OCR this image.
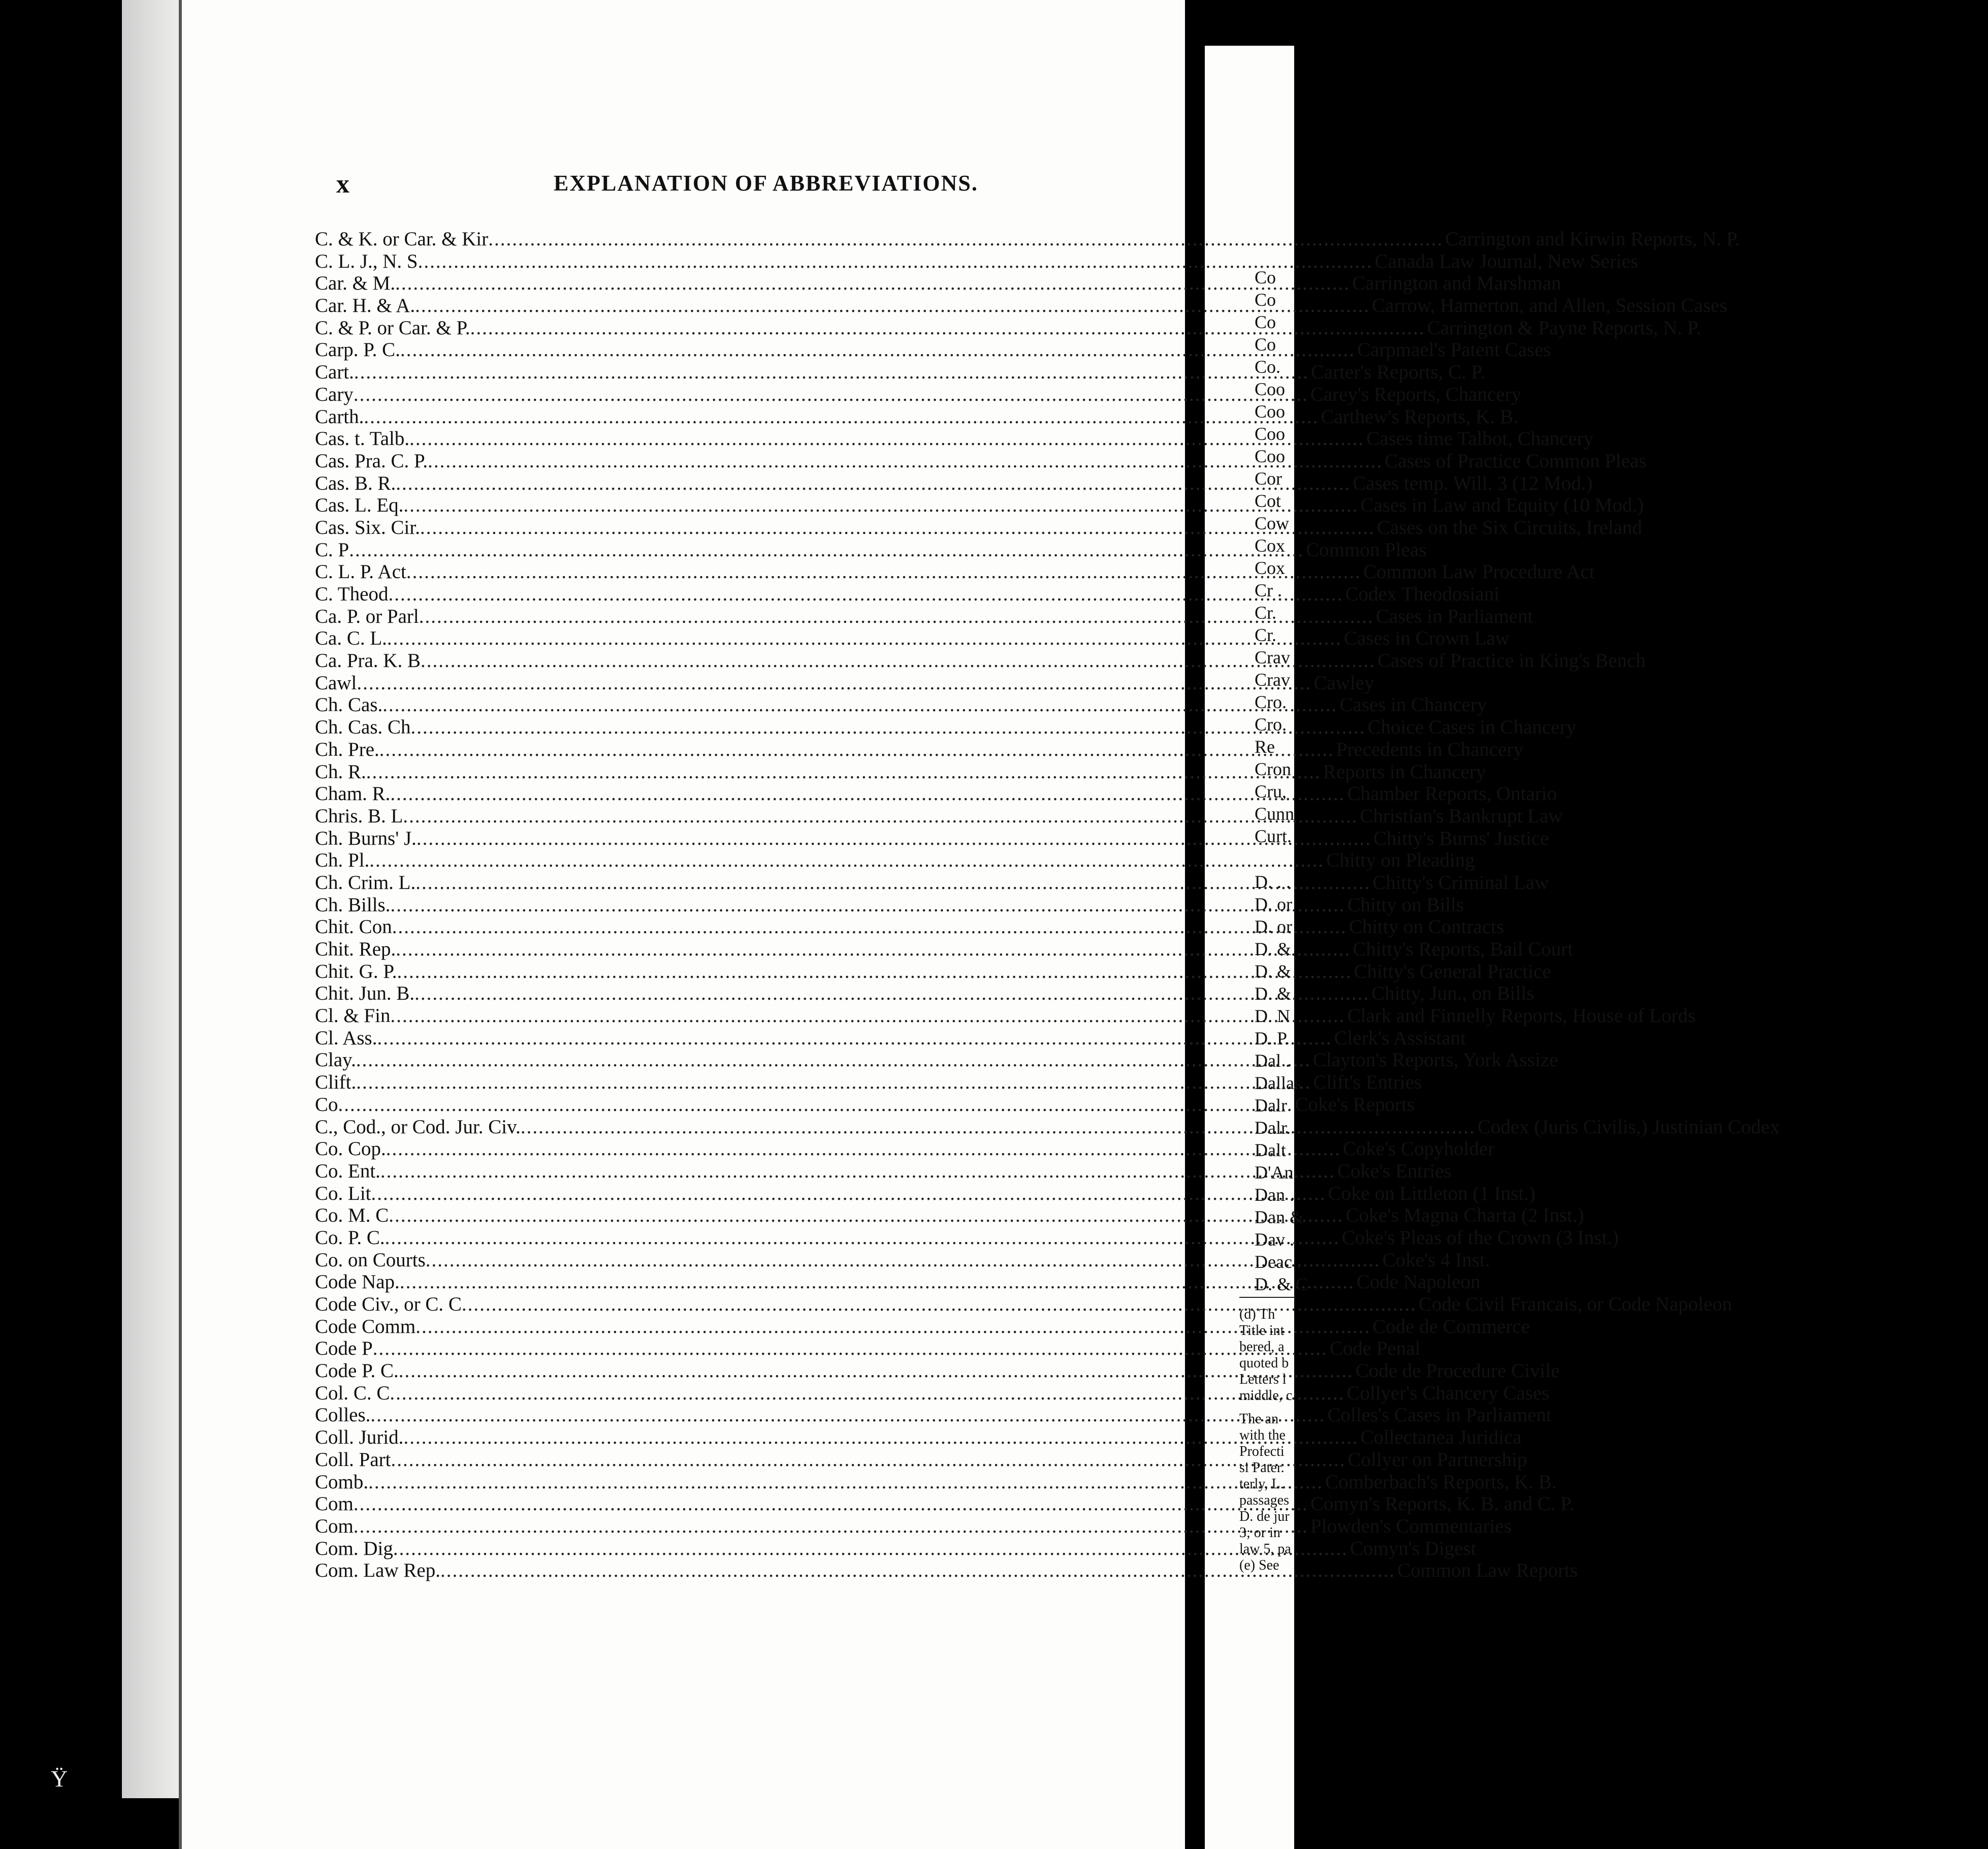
x	EXPLANATION OF ABBREVIATIONS.
C. & K. or Car. & Kir .....	Carrington and Kirwin Reports, N. P.
C. L. J., N. S .....	Canada Law Journal, New Series
Car. & M. .....	Carrington and Marshman
Car. H. & A. .....	Carrow, Hamerton, and Allen, Session Cases
C. & P. or Car. & P. .....	Carrington & Payne Reports, N. P.
Carp. P. C. .....	Carpmael's Patent Cases
Cart. .....	Carter's Reports, C. P.
Cary .....	Carey's Reports, Chancery
Carth. .....	Carthew's Reports, K. B.
Cas. t. Talb. .....	Cases time Talbot, Chancery
Cas. Pra. C. P. .....	Cases of Practice Common Pleas
Cas. B. R. .....	Cases temp. Will. 3 (12 Mod.)
Cas. L. Eq. .....	Cases in Law and Equity (10 Mod.)
Cas. Six. Cir. .....	Cases on the Six Circuits, Ireland
C. P .....	Common Pleas
C. L. P. Act .....	Common Law Procedure Act
C. Theod .....	Codex Theodosiani
Ca. P. or Parl .....	Cases in Parliament
Ca. C. L. .....	Cases in Crown Law
Ca. Pra. K. B .....	Cases of Practice in King's Bench
Cawl .....	Cawley
Ch. Cas. .....	Cases in Chancery
Ch. Cas. Ch .....	Choice Cases in Chancery
Ch. Pre. .....	Precedents in Chancery
Ch. R. .....	Reports in Chancery
Cham. R. .....	Chamber Reports, Ontario
Chris. B. L .....	Christian's Bankrupt Law
Ch. Burns' J. .....	Chitty's Burns' Justice
Ch. Pl. .....	Chitty on Pleading
Ch. Crim. L. .....	Chitty's Criminal Law
Ch. Bills. .....	Chitty on Bills
Chit. Con .....	Chitty on Contracts
Chit. Rep. .....	Chitty's Reports, Bail Court
Chit. G. P. .....	Chitty's General Practice
Chit. Jun. B. .....	Chitty, Jun., on Bills
Cl. & Fin .....	Clark and Finnelly Reports, House of Lords
Cl. Ass. .....	Clerk's Assistant
Clay. .....	Clayton's Reports, York Assize
Clift. .....	Clift's Entries
Co .....	Coke's Reports
C., Cod., or Cod. Jur. Civ. .....	Codex (Juris Civilis,) Justinian Codex
Co. Cop. .....	Coke's Copyholder
Co. Ent. .....	Coke's Entries
Co. Lit .....	Coke on Littleton (1 Inst.)
Co. M. C .....	Coke's Magna Charta (2 Inst.)
Co. P. C. .....	Coke's Pleas of the Crown (3 Inst.)
Co. on Courts .....	Coke's 4 Inst.
Code Nap. .....	Code Napoleon
Code Civ., or C. C .....	Code Civil Francais, or Code Napoleon
Code Comm .....	Code de Commerce
Code P .....	Code Penal
Code P. C. .....	Code de Procedure Civile
Col. C. C .....	Collyer's Chancery Cases
Colles. .....	Colles's Cases in Parliament
Coll. Jurid. .....	Collectanea Juridica
Coll. Part .....	Collyer on Partnership
Comb. .....	Comberbach's Reports, K. B.
Com .....	Comyn's Reports, K. B. and C. P.
Com .....	Plowden's Commentaries
Com. Dig .....	Comyn's Digest
Com. Law Rep. .....	Common Law Reports
Co
Co
Co
Co
Co.
Coo
Coo
Coo
Coo
Cor
Cot
Cow
Cox
Cox
Cr .
Cr.
Cr.
Crav
Crav
Cro.
Cro.
Re
Cron
Cru,
Cunn
Curt.
D. . .
D. or
D. or
D. &
D. &
D. &
D. N
D. P.
Dal .
Dallas
Dalr
Dalr.
Dalt
D'An.
Dan .
Dan &
Dav .
Deac .
D. & C
(d) Th
Title int
bered, a
quoted b
Letters l
middle, c
The an
with the
Profecti
si Pater.
terly, L.
passages
D. de jur
3; or in
law 5, pa
(e) See
Ϋ
